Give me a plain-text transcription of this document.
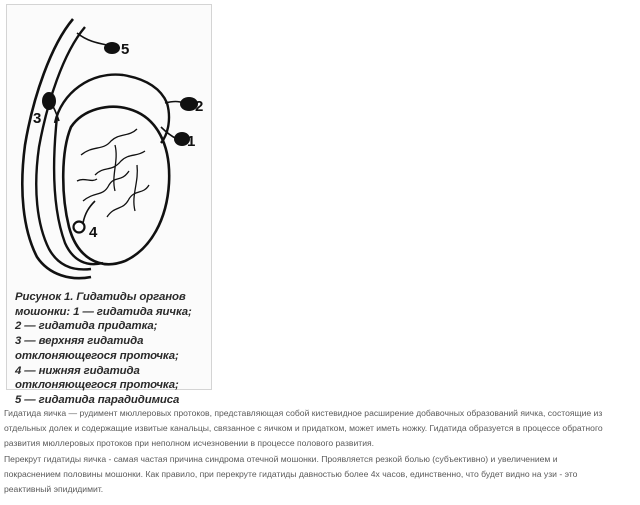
1
2
3
4
5
Рисунок 1. Гидатиды органов
мошонки: 1 — гидатида яичка;
2 — гидатида придатка;
3 — верхняя гидатида
отклоняющегося проточка;
4 — нижняя гидатида
отклоняющегося проточка;
5 — гидатида парадидимиса
Гидатида яичка — рудимент мюллеровых протоков, представляющая собой кистевидное расширение добавочных образований яичка, состоящие из
отдельных долек и содержащие извитые канальцы, связанное с яичком и придатком, может иметь ножку. Гидатида образуется в процессе обратного
развития мюллеровых протоков при неполном исчезновении в процессе полового развития.
Перекрут гидатиды яичка - самая частая причина синдрома отечной мошонки. Проявляется резкой болью (субъективно) и увеличением и
покраснением половины мошонки. Как правило, при перекруте гидатиды давностью более 4х часов, единственно, что будет видно на узи - это
реактивный эпидидимит.
